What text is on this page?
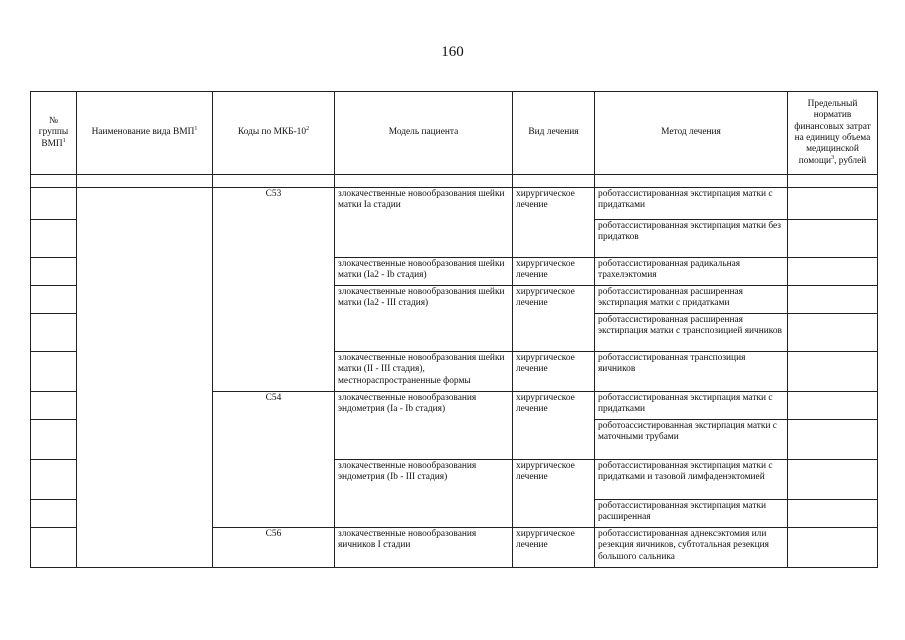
160
№ группы ВМП$^1$	Наименование вида ВМП$^1$	Коды по МКБ-$10^2$	Модель пациента	Вид лечения	Метод лечения	Предельный норматив финансовых затрат на единицу объема медицинской помощи$^3$, рублей

		C53	злокачественные новообразования шейки матки Ia стадии	хирургическое лечение	роботассистированная экстирпация матки с придатками	
					роботассистированная экстирпация матки без придатков	
			злокачественные новообразования шейки матки (Ia2 - Ib стадия)	хирургическое лечение	роботассистированная радикальная трахелэктомия	
			злокачественные новообразования шейки матки (Ia2 - III стадия)	хирургическое лечение	роботассистированная расширенная экстирпация матки с придатками	
					роботассистированная расширенная экстирпация матки с транспозицией яичников	
			злокачественные новообразования шейки матки (II - III стадия), местнораспространенные формы	хирургическое лечение	роботассистированная транспозиция яичников	
		C54	злокачественные новообразования эндометрия (Ia - Ib стадия)	хирургическое лечение	роботассистированная экстирпация матки с придатками	
					роботоассистированная экстирпация матки с маточными трубами	
			злокачественные новообразования эндометрия (Ib - III стадия)	хирургическое лечение	роботассистированная экстирпация матки с придатками и тазовой лимфаденэктомией	
					роботассистированная экстирпация матки расширенная	
		C56	злокачественные новообразования яичников I стадии	хирургическое лечение	роботассистированная аднексэктомия или резекция яичников, субтотальная резекция большого сальника	
